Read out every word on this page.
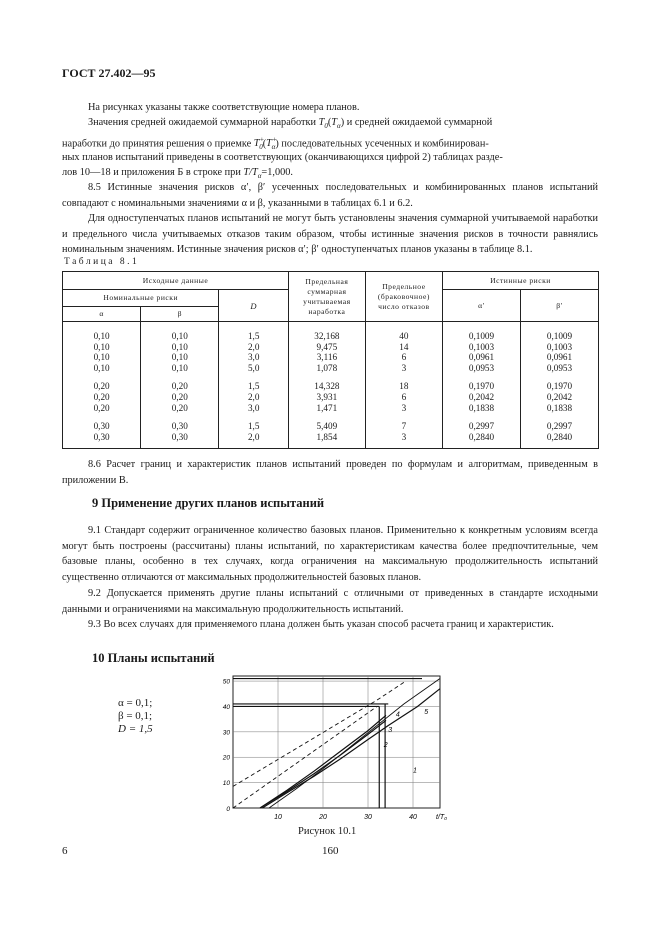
ГОСТ 27.402—95
На рисунках указаны также соответствующие номера планов.
Значения средней ожидаемой суммарной наработки $T_0(T_\alpha)$ и средней ожидаемой суммарной
наработки до принятия решения о приемке $T^+_0(T^+_\alpha)$ последовательных усеченных и комбинирован-
ных планов испытаний приведены в соответствующих (оканчивающихся цифрой 2) таблицах разде-
лов 10—18 и приложения Б в строке при $T/T_\alpha=1,000$.
8.5 Истинные значения рисков α′, β′ усеченных последовательных и комбинированных планов испытаний совпадают с номинальными значениями α и β, указанными в таблицах 6.1 и 6.2.
Для одноступенчатых планов испытаний не могут быть установлены значения суммарной учитываемой наработки и предельного числа учитываемых отказов таким образом, чтобы истинные значения рисков в точности равнялись номинальным значениям. Истинные значения рисков α′; β′ одноступенчатых планов указаны в таблице 8.1.
Таблица 8.1
Исходные данные			Предельная суммарная учитываемая наработка	Предельное (браковочное) число отказов	Истинные риски	
Номинальные риски		D			α′	β′
α	β					
0,10	0,10	1,5	32,168	40	0,1009	0,1009
0,10	0,10	2,0	9,475	14	0,1003	0,1003
0,10	0,10	3,0	3,116	6	0,0961	0,0961
0,10	0,10	5,0	1,078	3	0,0953	0,0953
0,20	0,20	1,5	14,328	18	0,1970	0,1970
0,20	0,20	2,0	3,931	6	0,2042	0,2042
0,20	0,20	3,0	1,471	3	0,1838	0,1838
0,30	0,30	1,5	5,409	7	0,2997	0,2997
0,30	0,30	2,0	1,854	3	0,2840	0,2840
8.6 Расчет границ и характеристик планов испытаний проведен по формулам и алгоритмам, приведенным в приложении В.
9 Применение других планов испытаний
9.1 Стандарт содержит ограниченное количество базовых планов. Применительно к конкретным условиям всегда могут быть построены (рассчитаны) планы испытаний, по характеристикам качества более предпочтительные, чем базовые планы, особенно в тех случаях, когда ограничения на максимальную продолжительность испытаний существенно отличаются от максимальных продолжительностей базовых планов.
9.2 Допускается применять другие планы испытаний с отличными от приведенных в стандарте исходными данными и ограничениями на максимальную продолжительность испытаний.
9.3 Во всех случаях для применяемого плана должен быть указан способ расчета границ и характеристик.
10 Планы испытаний
α = 0,1;
β = 0,1;
D = 1,5
10	20	30	40
10
20
30
40
50
0
t/T₀
1
2
3
4	5
Рисунок 10.1
6	160
